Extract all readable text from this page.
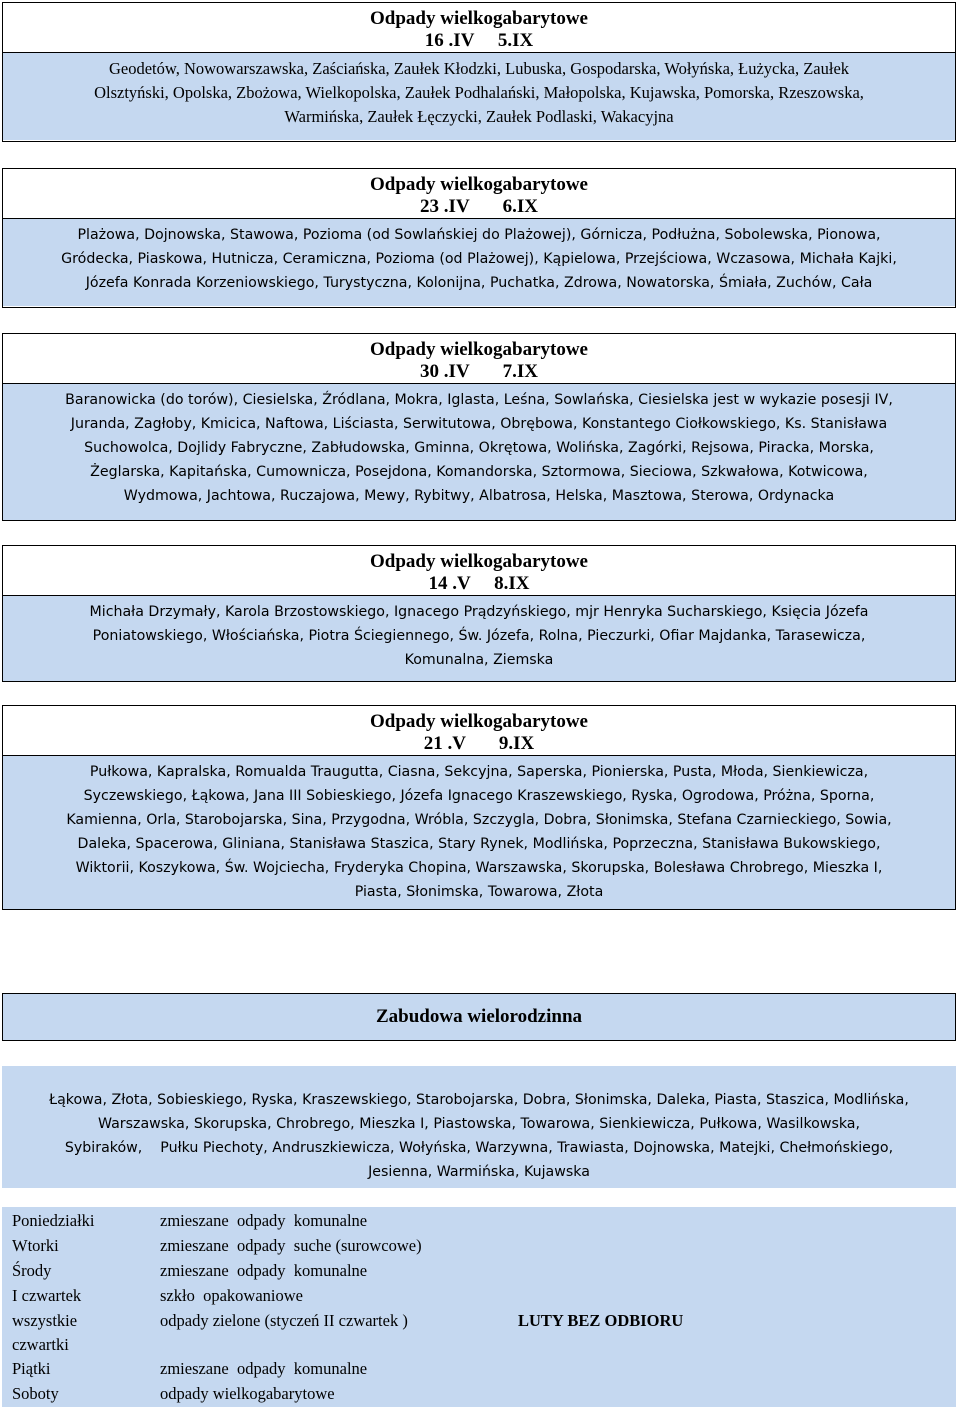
Odpady wielkogabarytowe
16 .IV     5.IX
Geodetów, Nowowarszawska, Zaściańska, Zaułek Kłodzki, Lubuska, Gospodarska, Wołyńska, Łużycka, Zaułek
Olsztyński, Opolska, Zbożowa, Wielkopolska, Zaułek Podhalański, Małopolska, Kujawska, Pomorska, Rzeszowska,
Warmińska, Zaułek Łęczycki, Zaułek Podlaski, Wakacyjna
Odpady wielkogabarytowe
23 .IV       6.IX
Plażowa, Dojnowska, Stawowa, Pozioma (od Sowlańskiej do Plażowej), Górnicza, Podłużna, Sobolewska, Pionowa,
Gródecka, Piaskowa, Hutnicza, Ceramiczna, Pozioma (od Plażowej), Kąpielowa, Przejściowa, Wczasowa, Michała Kajki,
Józefa Konrada Korzeniowskiego, Turystyczna, Kolonijna, Puchatka, Zdrowa, Nowatorska, Śmiała, Zuchów, Cała
Odpady wielkogabarytowe
30 .IV       7.IX
Baranowicka (do torów), Ciesielska, Źródlana, Mokra, Iglasta, Leśna, Sowlańska, Ciesielska jest w wykazie posesji IV,
Juranda, Zagłoby, Kmicica, Naftowa, Liściasta, Serwitutowa, Obrębowa, Konstantego Ciołkowskiego, Ks. Stanisława
Suchowolca, Dojlidy Fabryczne, Zabłudowska, Gminna, Okrętowa, Wolińska, Zagórki, Rejsowa, Piracka, Morska,
Żeglarska, Kapitańska, Cumownicza, Posejdona, Komandorska, Sztormowa, Sieciowa, Szkwałowa, Kotwicowa,
Wydmowa, Jachtowa, Ruczajowa, Mewy, Rybitwy, Albatrosa, Helska, Masztowa, Sterowa, Ordynacka
Odpady wielkogabarytowe
14 .V     8.IX
Michała Drzymały, Karola Brzostowskiego, Ignacego Prądzyńskiego, mjr Henryka Sucharskiego, Księcia Józefa
Poniatowskiego, Włościańska, Piotra Ściegiennego, Św. Józefa, Rolna, Pieczurki, Ofiar Majdanka, Tarasewicza,
Komunalna, Ziemska
Odpady wielkogabarytowe
21 .V       9.IX
Pułkowa, Kapralska, Romualda Traugutta, Ciasna, Sekcyjna, Saperska, Pionierska, Pusta, Młoda, Sienkiewicza,
Syczewskiego, Łąkowa, Jana III Sobieskiego, Józefa Ignacego Kraszewskiego, Ryska, Ogrodowa, Próżna, Sporna,
Kamienna, Orla, Starobojarska, Sina, Przygodna, Wróbla, Szczygla, Dobra, Słonimska, Stefana Czarnieckiego, Sowia,
Daleka, Spacerowa, Gliniana, Stanisława Staszica, Stary Rynek, Modlińska, Poprzeczna, Stanisława Bukowskiego,
Wiktorii, Koszykowa, Św. Wojciecha, Fryderyka Chopina, Warszawska, Skorupska, Bolesława Chrobrego, Mieszka I,
Piasta, Słonimska, Towarowa, Złota
Zabudowa wielorodzinna
Łąkowa, Złota, Sobieskiego, Ryska, Kraszewskiego, Starobojarska, Dobra, Słonimska, Daleka, Piasta, Staszica, Modlińska,
Warszawska, Skorupska, Chrobrego, Mieszka I, Piastowska, Towarowa, Sienkiewicza, Pułkowa, Wasilkowska,
Sybiraków,    Pułku Piechoty, Andruszkiewicza, Wołyńska, Warzywna, Trawiasta, Dojnowska, Matejki, Chełmońskiego,
Jesienna, Warmińska, Kujawska
Poniedziałki	zmieszane  odpady  komunalne
Wtorki	zmieszane  odpady  suche (surowcowe)
Środy	zmieszane  odpady  komunalne
I czwartek	szkło  opakowaniowe
wszystkie	odpady zielone (styczeń II czwartek )	LUTY BEZ ODBIORU
czwartki
Piątki	zmieszane  odpady  komunalne
Soboty	odpady wielkogabarytowe
